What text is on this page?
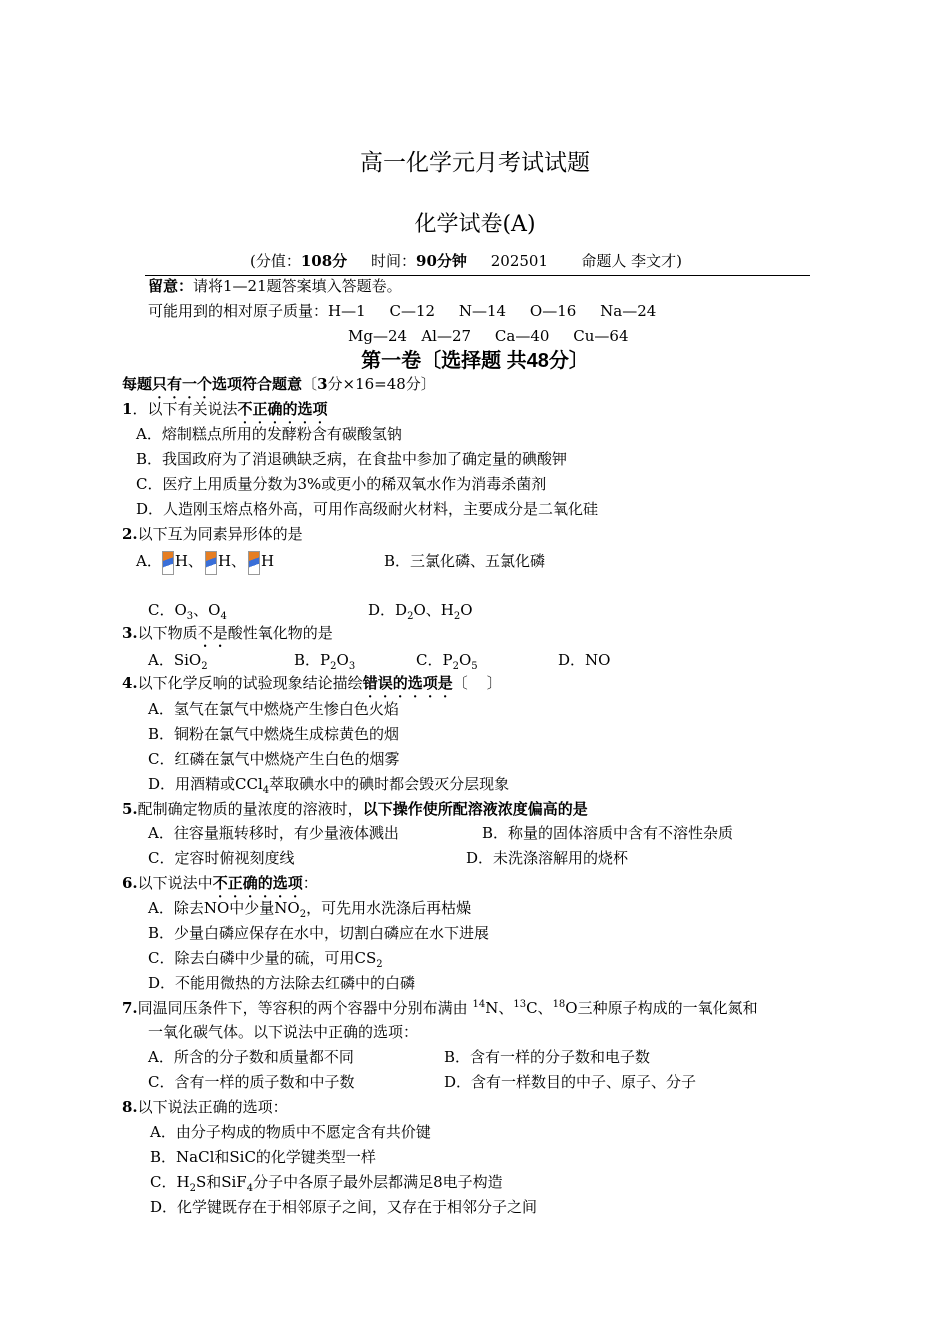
高一化学元月考试试题
化学试卷(A)
(分值：108分 时间：90分钟 202501 命题人 李文才)
留意：请将1—21题答案填入答题卷。
可能用到的相对原子质量：H—1     C—12     N—14     O—16     Na—24
Mg—24   Al—27     Ca—40     Cu—64
第一卷〔选择题 共48分〕
每题只有一个选项符合题意〔3分×16=48分〕
1．以下有关说法不正确的选项
A．熔制糕点所用的发酵粉含有碳酸氢钠
B．我国政府为了消退碘缺乏病，在食盐中参加了确定量的碘酸钾
C．医疗上用质量分数为3%或更小的稀双氧水作为消毒杀菌剂
D．人造刚玉熔点格外高，可用作高级耐火材料，主要成分是二氧化硅
2.以下互为同素异形体的是
A． H、 H、 H	B．三氯化磷、五氯化磷
C．$O_3$、$O_4$	D．$D_2O$、$H_2O$
3.以下物质不是酸性氧化物的是
A．SiO$_2$	B．$P_2O_3$	C．$P_2O_5$	D．NO
4.以下化学反响的试验现象结论描绘错误的选项是〔    〕
A．氢气在氯气中燃烧产生惨白色火焰
B．铜粉在氯气中燃烧生成棕黄色的烟
C．红磷在氯气中燃烧产生白色的烟雾
D．用酒精或CCl$_4$萃取碘水中的碘时都会毁灭分层现象
5.配制确定物质的量浓度的溶液时，以下操作使所配溶液浓度偏高的是
A．往容量瓶转移时，有少量液体溅出	B．称量的固体溶质中含有不溶性杂质
C．定容时俯视刻度线	D．未洗涤溶解用的烧杯
6.以下说法中不正确的选项：
A．除去NO中少量$NO_2$，可先用水洗涤后再枯燥
B．少量白磷应保存在水中，切割白磷应在水下进展
C．除去白磷中少量的硫，可用$CS_2$
D．不能用微热的方法除去红磷中的白磷
7.同温同压条件下，等容积的两个容器中分别布满由 $^{14}$N、$^{13}$C、$^{18}$O三种原子构成的一氧化氮和
一氧化碳气体。以下说法中正确的选项：
A．所含的分子数和质量都不同	B．含有一样的分子数和电子数
C．含有一样的质子数和中子数	D．含有一样数目的中子、原子、分子
8.以下说法正确的选项：
A．由分子构成的物质中不愿定含有共价键
B．NaCl和SiC的化学键类型一样
C．$H_2S$和SiF$_4$分子中各原子最外层都满足8电子构造
D．化学键既存在于相邻原子之间，又存在于相邻分子之间
